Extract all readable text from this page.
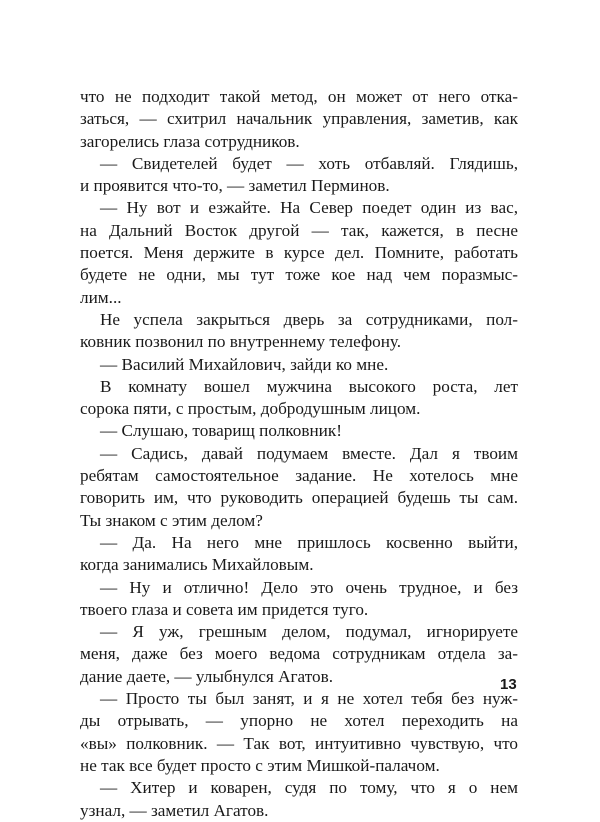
что не подходит такой метод, он может от него отка-
заться, — схитрил начальник управления, заметив, как
загорелись глаза сотрудников.
— Свидетелей будет — хоть отбавляй. Глядишь,
и проявится что-то, — заметил Перминов.
— Ну вот и езжайте. На Север поедет один из вас,
на Дальний Восток другой — так, кажется, в песне
поется. Меня держите в курсе дел. Помните, работать
будете не одни, мы тут тоже кое над чем поразмыс-
лим...
Не успела закрыться дверь за сотрудниками, пол-
ковник позвонил по внутреннему телефону.
— Василий Михайлович, зайди ко мне.
В комнату вошел мужчина высокого роста, лет
сорока пяти, с простым, добродушным лицом.
— Слушаю, товарищ полковник!
— Садись, давай подумаем вместе. Дал я твоим
ребятам самостоятельное задание. Не хотелось мне
говорить им, что руководить операцией будешь ты сам.
Ты знаком с этим делом?
— Да. На него мне пришлось косвенно выйти,
когда занимались Михайловым.
— Ну и отлично! Дело это очень трудное, и без
твоего глаза и совета им придется туго.
— Я уж, грешным делом, подумал, игнорируете
меня, даже без моего ведома сотрудникам отдела за-
дание даете, — улыбнулся Агатов.
— Просто ты был занят, и я не хотел тебя без нуж-
ды отрывать, — упорно не хотел переходить на
«вы» полковник. — Так вот, интуитивно чувствую, что
не так все будет просто с этим Мишкой-палачом.
— Хитер и коварен, судя по тому, что я о нем
узнал, — заметил Агатов.
13
